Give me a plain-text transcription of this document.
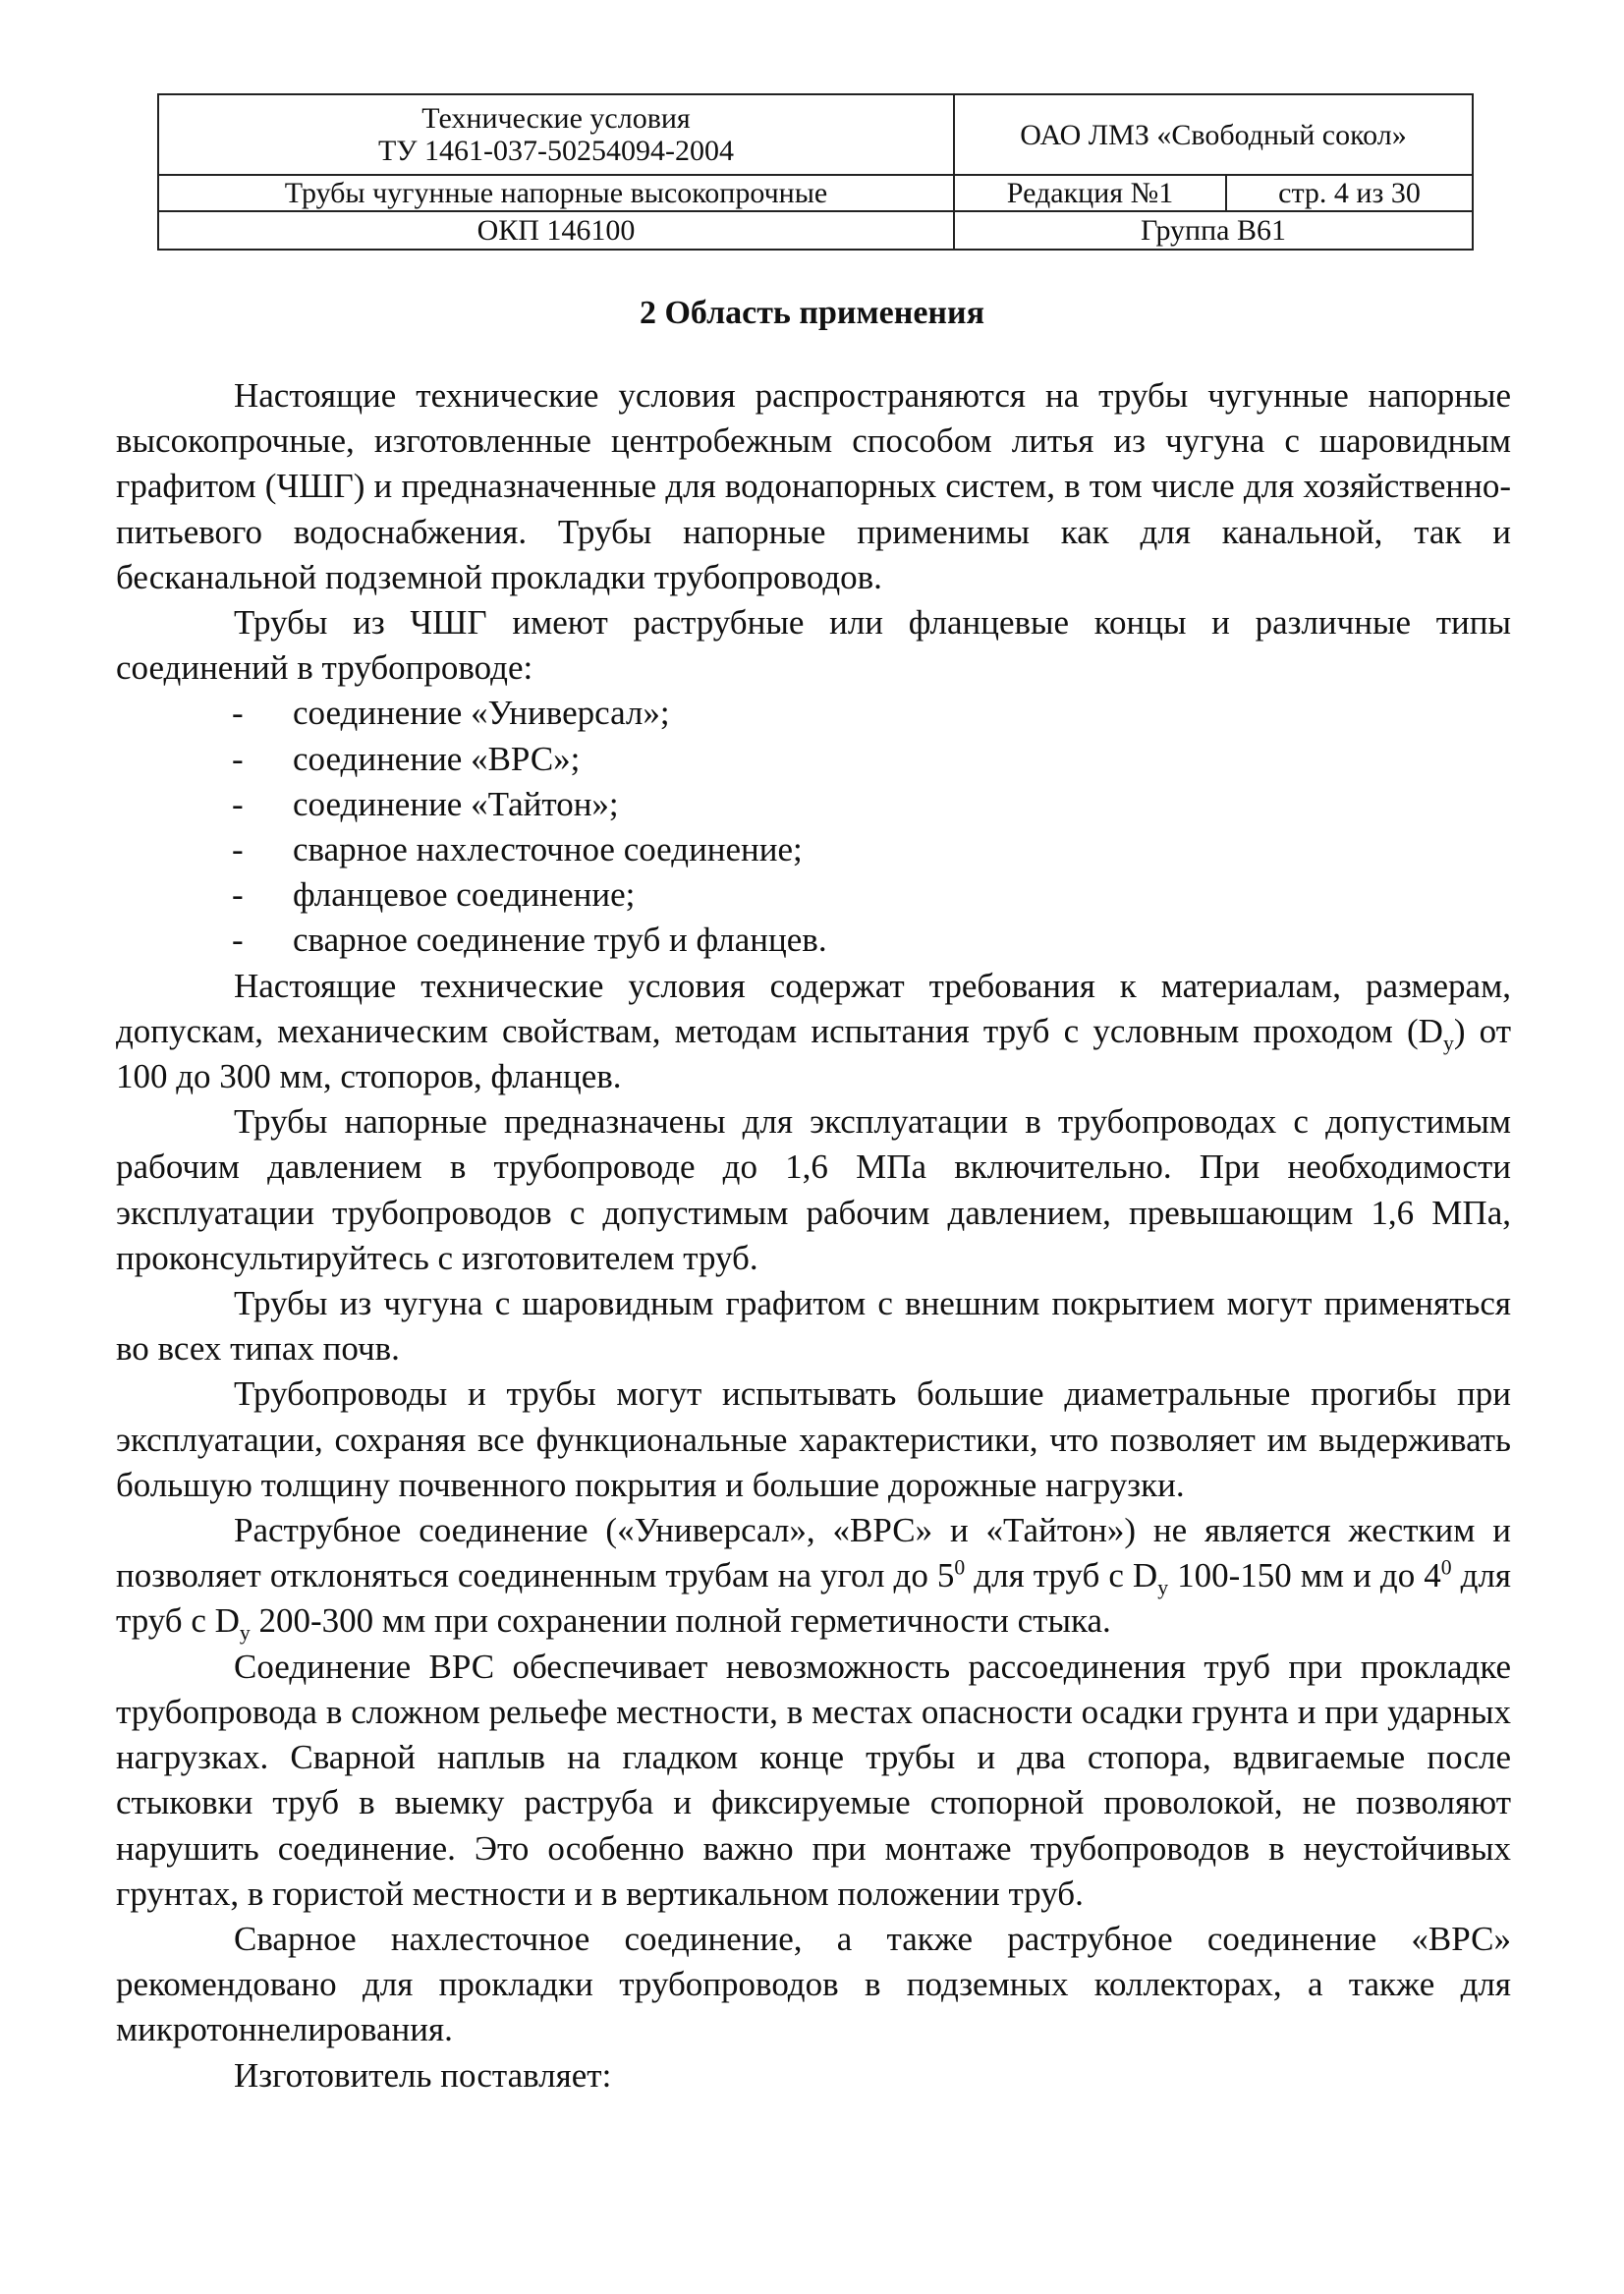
Технические условия
ТУ 1461-037-50254094-2004	ОАО ЛМЗ «Свободный сокол»
Трубы чугунные напорные высокопрочные	Редакция №1	стр. 4 из 30
ОКП 146100	Группа В61
2 Область применения

Настоящие технические условия распространяются на трубы чугунные напорные высокопрочные, изготовленные центробежным способом литья из чугуна с шаровидным графитом (ЧШГ) и предназначенные для водонапорных систем, в том числе для хозяйственно-питьевого водоснабжения. Трубы напорные применимы как для канальной, так и бесканальной подземной прокладки трубопроводов.

Трубы из ЧШГ имеют раструбные или фланцевые концы и различные типы соединений в трубопроводе:

- соединение «Универсал»;
- соединение «ВРС»;
- соединение «Тайтон»;
- сварное нахлесточное соединение;
- фланцевое соединение;
- сварное соединение труб и фланцев.

Настоящие технические условия содержат требования к материалам, размерам, допускам, механическим свойствам, методам испытания труб с условным проходом $(D_у)$ от 100 до 300 мм, стопоров, фланцев.

Трубы напорные предназначены для эксплуатации в трубопроводах с допустимым рабочим давлением в трубопроводе до 1,6 МПа включительно. При необходимости эксплуатации трубопроводов с допустимым рабочим давлением, превышающим 1,6 МПа, проконсультируйтесь с изготовителем труб.

Трубы из чугуна с шаровидным графитом с внешним покрытием могут применяться во всех типах почв.

Трубопроводы и трубы могут испытывать большие диаметральные прогибы при эксплуатации, сохраняя все функциональные характеристики, что позволяет им выдерживать большую толщину почвенного покрытия и большие дорожные нагрузки.

Раструбное соединение («Универсал», «ВРС» и «Тайтон») не является жестким и позволяет отклоняться соединенным трубам на угол до $5^0$ для труб с $D_у$ 100-150 мм и до $4^0$ для труб с $D_у$ 200-300 мм при сохранении полной герметичности стыка.

Соединение ВРС обеспечивает невозможность рассоединения труб при прокладке трубопровода в сложном рельефе местности, в местах опасности осадки грунта и при ударных нагрузках. Сварной наплыв на гладком конце трубы и два стопора, вдвигаемые после стыковки труб в выемку раструба и фиксируемые стопорной проволокой, не позволяют нарушить соединение. Это особенно важно при монтаже трубопроводов в неустойчивых грунтах, в гористой местности и в вертикальном положении труб.

Сварное нахлесточное соединение, а также раструбное соединение «ВРС» рекомендовано для прокладки трубопроводов в подземных коллекторах, а также для микротоннелирования.

Изготовитель поставляет:
